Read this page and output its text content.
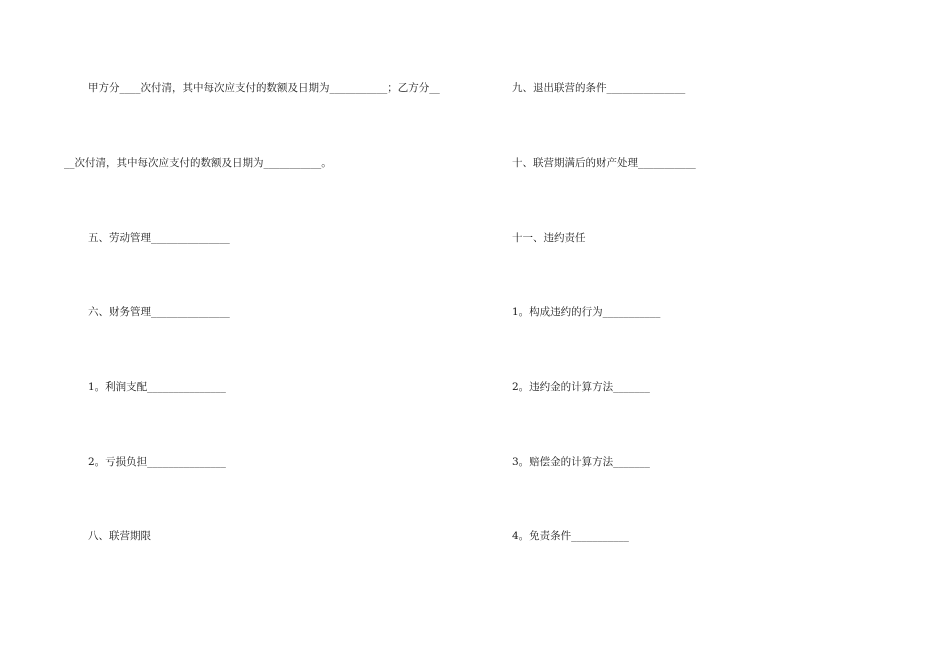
甲方分____次付清，其中每次应支付的数额及日期为___________；乙方分__
__次付清，其中每次应支付的数额及日期为___________。
五、劳动管理_______________
六、财务管理_______________
1。利润支配_______________
2。亏损负担_______________
八、联营期限
九、退出联营的条件_______________
十、联营期满后的财产处理___________
十一、违约责任
1。构成违约的行为___________
2。违约金的计算方法_______
3。赔偿金的计算方法_______
4。免责条件___________
